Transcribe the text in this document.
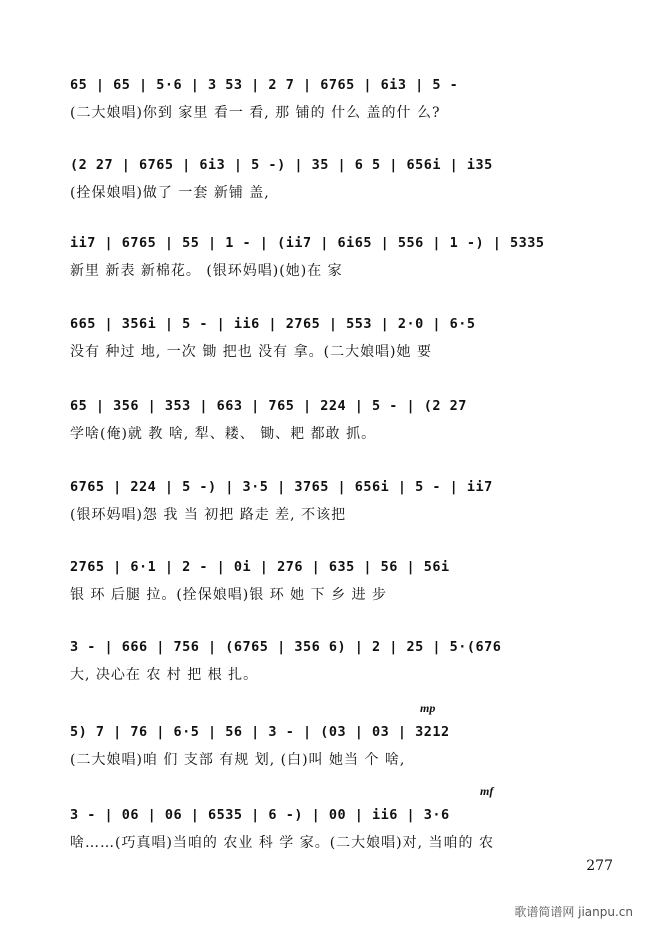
65 | 65 | 5·6 | 3 53 | 2 7 | 6765 | 6i3 | 5 -
(二大娘唱)你到 家里 看一 看, 那 铺的 什么 盖的什 么?
(2 27 | 6765 | 6i3 | 5 -) | 35 | 6 5 | 656i | i35
(拴保娘唱)做了 一套 新铺 盖,
ii7 | 6765 | 55 | 1 - | (ii7 | 6i65 | 556 | 1 -) | 5335
新里 新表 新棉花。 (银环妈唱)(她)在 家
665 | 356i | 5 - | ii6 | 2765 | 553 | 2·0 | 6·5
没有 种过 地, 一次 锄 把也 没有 拿。(二大娘唱)她 要
65 | 356 | 353 | 663 | 765 | 224 | 5 - | (2 27
学啥(俺)就 教 啥, 犁、耧、 锄、耙 都敢 抓。
6765 | 224 | 5 -) | 3·5 | 3765 | 656i | 5 - | ii7
(银环妈唱)怨 我 当 初把 路走 差, 不该把
2765 | 6·1 | 2 - | 0i | 276 | 635 | 56 | 56i
银 环 后腿 拉。(拴保娘唱)银 环 她 下 乡 进 步
3 - | 666 | 756 | (6765 | 356 6) | 2 | 25 | 5·(676
大, 决心在 农 村 把 根 扎。
mp
5) 7 | 76 | 6·5 | 56 | 3 - | (03 | 03 | 3212
(二大娘唱)咱 们 支部 有规 划, (白)叫 她当 个 啥,
mf
3 - | 06 | 06 | 6535 | 6 -) | 00 | ii6 | 3·6
啥……(巧真唱)当咱的 农业 科 学 家。(二大娘唱)对, 当咱的 农
277
歌谱简谱网 jianpu.cn
